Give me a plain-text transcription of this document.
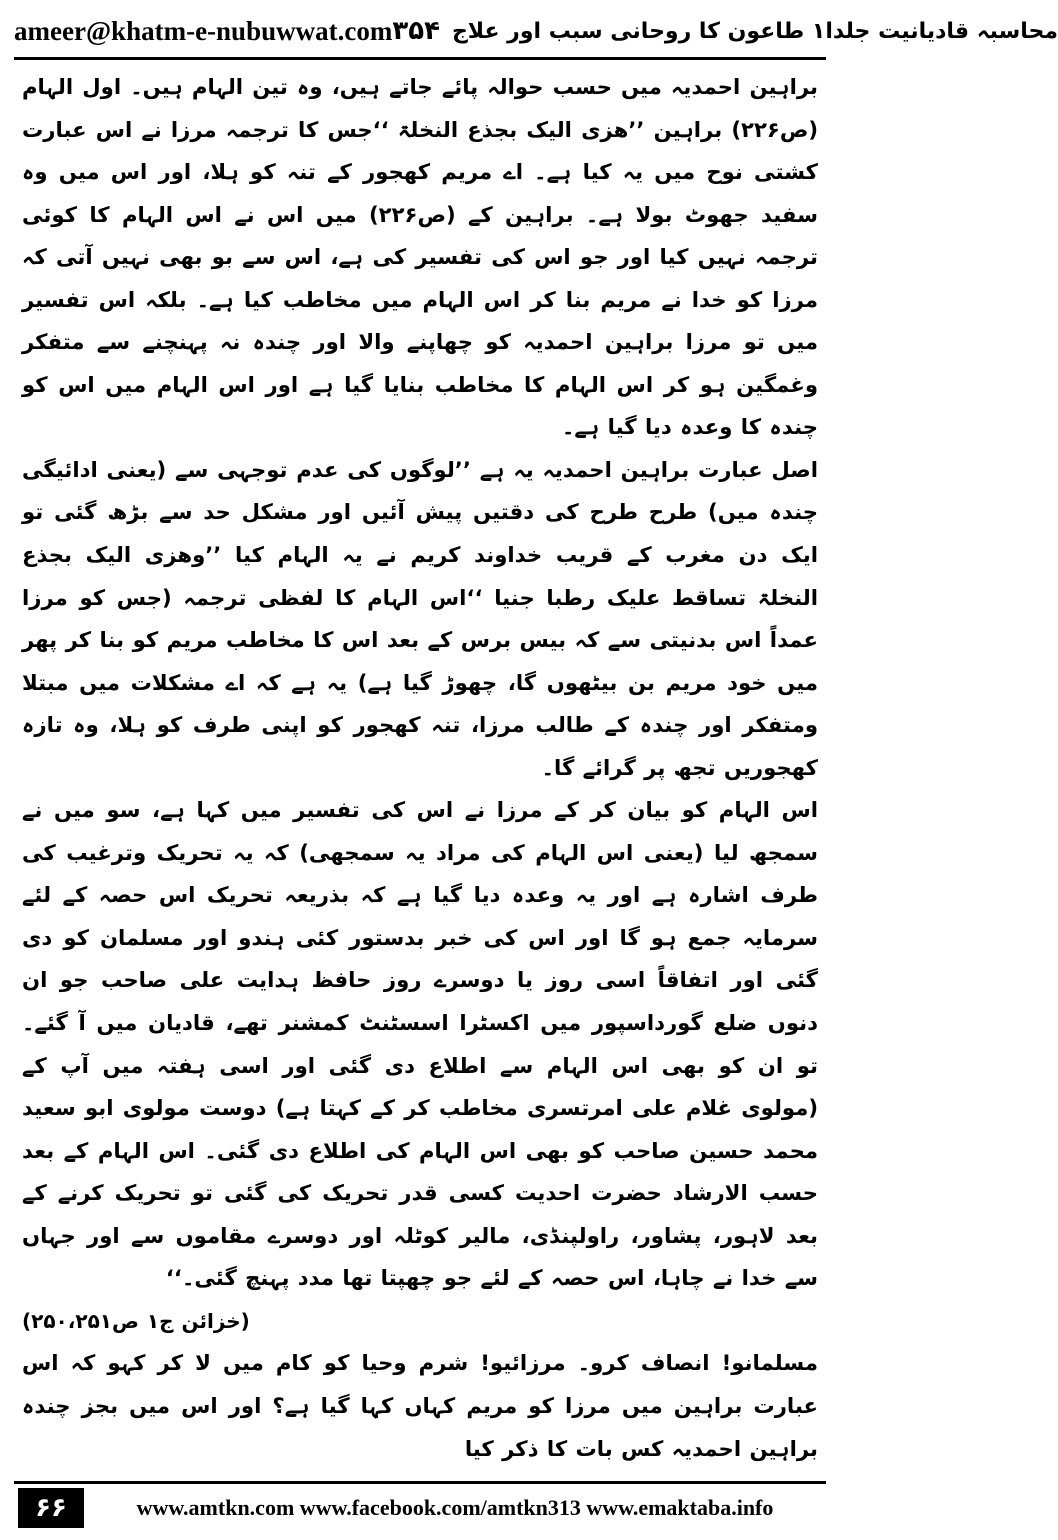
ameer@khatm-e-nubuwwat.com	محاسبہ قادیانیت جلدا۱ طاعون کا روحانی سبب اور علاج
۳۵۴

براہین احمدیہ میں حسب حوالہ پائے جاتے ہیں، وہ تین الہام ہیں۔ اول الہام (ص۲۲۶) براہین ’’ھزی الیک بجذع النخلۃ ‘‘جس کا ترجمہ مرزا نے اس عبارت کشتی نوح میں یہ کیا ہے۔ اے مریم کھجور کے تنہ کو ہلا، اور اس میں وہ سفید جھوٹ بولا ہے۔ براہین کے (ص۲۲۶) میں اس نے اس الہام کا کوئی ترجمہ نہیں کیا اور جو اس کی تفسیر کی ہے، اس سے بو بھی نہیں آتی کہ مرزا کو خدا نے مریم بنا کر اس الہام میں مخاطب کیا ہے۔ بلکہ اس تفسیر میں تو مرزا براہین احمدیہ کو چھاپنے والا اور چندہ نہ پہنچنے سے متفکر وغمگین ہو کر اس الہام کا مخاطب بنایا گیا ہے اور اس الہام میں اس کو چندہ کا وعدہ دیا گیا ہے۔

اصل عبارت براہین احمدیہ یہ ہے ’’لوگوں کی عدم توجہی سے (یعنی ادائیگی چندہ میں) طرح طرح کی دقتیں پیش آئیں اور مشکل حد سے بڑھ گئی تو ایک دن مغرب کے قریب خداوند کریم نے یہ الہام کیا ’’وھزی الیک بجذع النخلۃ تساقط علیک رطبا جنیا ‘‘اس الہام کا لفظی ترجمہ (جس کو مرزا عمداً اس بدنیتی سے کہ بیس برس کے بعد اس کا مخاطب مریم کو بنا کر پھر میں خود مریم بن بیٹھوں گا، چھوڑ گیا ہے) یہ ہے کہ اے مشکلات میں مبتلا ومتفکر اور چندہ کے طالب مرزا، تنہ کھجور کو اپنی طرف کو ہلا، وہ تازہ کھجوریں تجھ پر گرائے گا۔

اس الہام کو بیان کر کے مرزا نے اس کی تفسیر میں کہا ہے، سو میں نے سمجھ لیا (یعنی اس الہام کی مراد یہ سمجھی) کہ یہ تحریک وترغیب کی طرف اشارہ ہے اور یہ وعدہ دیا گیا ہے کہ بذریعہ تحریک اس حصہ کے لئے سرمایہ جمع ہو گا اور اس کی خبر بدستور کئی ہندو اور مسلمان کو دی گئی اور اتفاقاً اسی روز یا دوسرے روز حافظ ہدایت علی صاحب جو ان دنوں ضلع گورداسپور میں اکسٹرا اسسٹنٹ کمشنر تھے، قادیان میں آ گئے۔ تو ان کو بھی اس الہام سے اطلاع دی گئی اور اسی ہفتہ میں آپ کے (مولوی غلام علی امرتسری مخاطب کر کے کہتا ہے) دوست مولوی ابو سعید محمد حسین صاحب کو بھی اس الہام کی اطلاع دی گئی۔ اس الہام کے بعد حسب الارشاد حضرت احدیت کسی قدر تحریک کی گئی تو تحریک کرنے کے بعد لاہور، پشاور، راولپنڈی، مالیر کوٹلہ اور دوسرے مقاموں سے اور جہاں سے خدا نے چاہا، اس حصہ کے لئے جو چھپتا تھا مدد پہنچ گئی۔‘‘

(خزائن ج۱ ص۲۵۰،۲۵۱)

مسلمانو! انصاف کرو۔ مرزائیو! شرم وحیا کو کام میں لا کر کہو کہ اس عبارت براہین میں مرزا کو مریم کہاں کہا گیا ہے؟ اور اس میں بجز چندہ براہین احمدیہ کس بات کا ذکر کیا

۶۶	www.amtkn.com www.facebook.com/amtkn313 www.emaktaba.info
